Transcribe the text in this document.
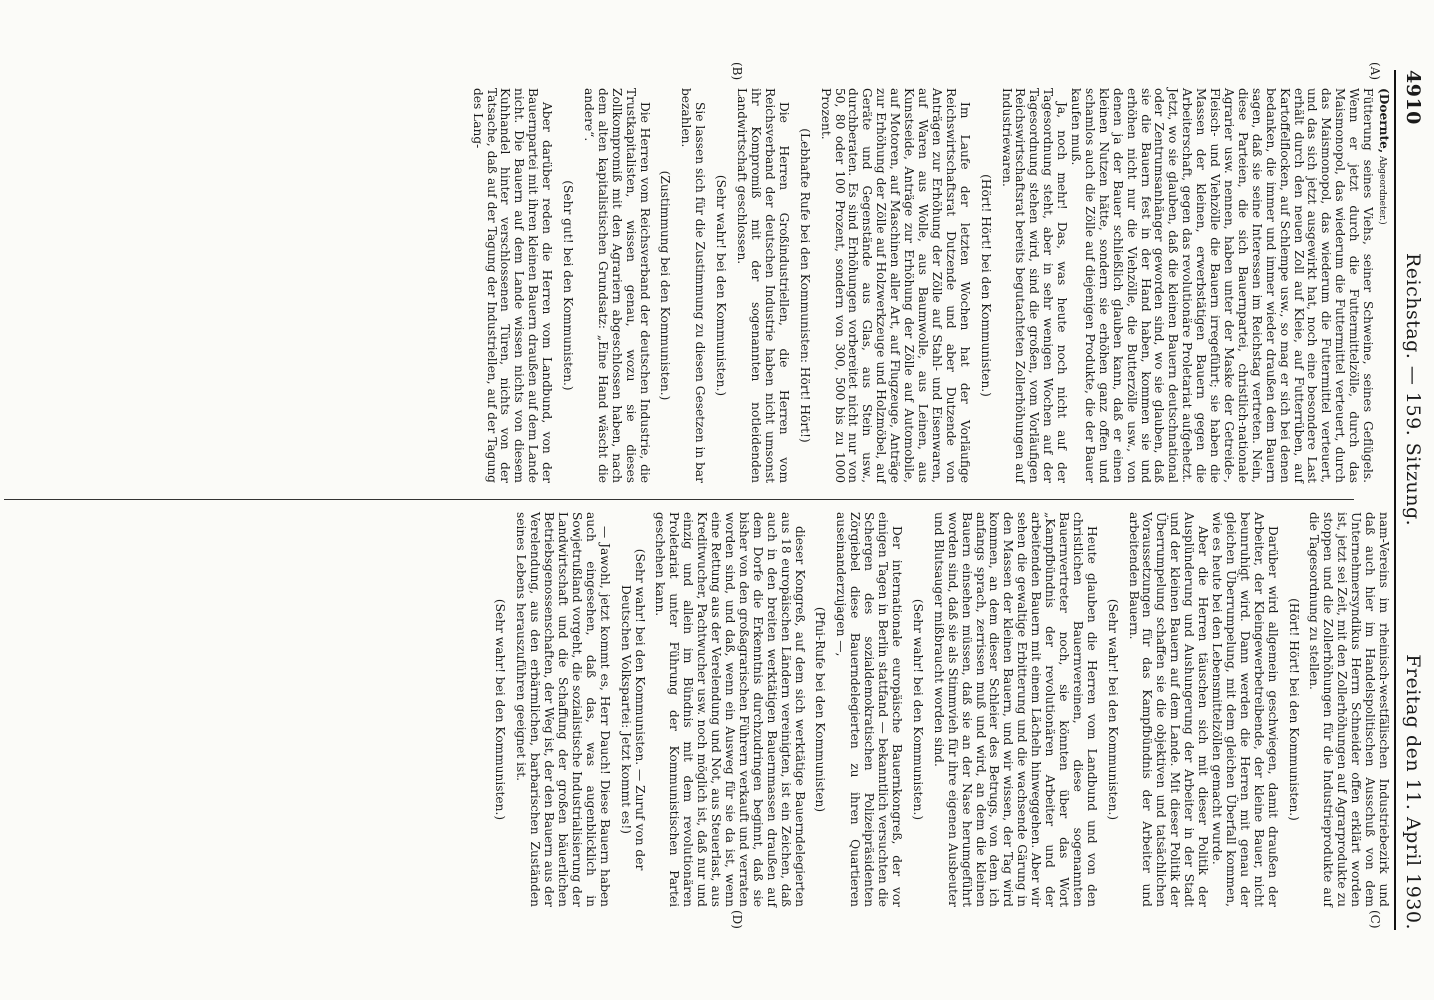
4910
Reichstag. — 159. Sitzung.
Freitag den 11. April 1930.
(A)
(B)
(C)
(D)

(Doernte, Abgeordneter.)

Fütterung seines Viehs, seiner Schweine, seines Geflügels. Wenn er jetzt durch die Futtermittelzölle, durch das Maismonopol, das wiederum die Futtermittel verteuert, durch das Maismonopol, das wiederum die Futtermittel verteuert, und das sich jetzt ausgewirkt hat, noch eine besondere Last erhält durch den neuen Zoll auf Kleie, auf Futterrüben, auf Kartoffelflocken, auf Schlempe usw., so mag er sich bei denen bedanken, die immer und immer wieder draußen dem Bauern sagen, daß sie seine Interessen im Reichstag vertreten. Nein, diese Parteien, die sich Bauernpartei, christlich-nationale Agrarier usw. nennen, haben unter der Maske der Getreide-, Fleisch- und Viehzölle die Bauern irregeführt; sie haben die Massen der kleinen, erwerbstätigen Bauern gegen die Arbeiterschaft, gegen das revolutionäre Proletariat aufgehetzt. Jetzt, wo sie glauben, daß die kleinen Bauern deutschnational oder Zentrumsanhänger geworden sind, wo sie glauben, daß sie die Bauern fest in der Hand haben, kommen sie und erhöhen nicht nur die Viehzölle, die Butterzölle usw., von denen ja der Bauer schließlich glauben kann, daß er einen kleinen Nutzen hätte, sondern sie erhöhen ganz offen und schamlos auch die Zölle auf diejenigen Produkte, die der Bauer kaufen muß.

Ja, noch mehr! Das, was heute noch nicht auf der Tagesordnung steht, aber in sehr wenigen Wochen auf der Tagesordnung stehen wird, sind die großen, vom Vorläufigen Reichswirtschaftsrat bereits begutachteten Zollerhöhungen auf Industriewaren.

(Hört! Hört! bei den Kommunisten.)

Im Laufe der letzten Wochen hat der Vorläufige Reichswirtschaftsrat Dutzende und aber Dutzende von Anträgen zur Erhöhung der Zölle auf Stahl- und Eisenwaren, auf Waren aus Wolle, aus Baumwolle, aus Leinen, aus Kunstseide, Anträge zur Erhöhung der Zölle auf Automobile, auf Motoren, auf Maschinen aller Art, auf Flugzeuge, Anträge zur Erhöhung der Zölle auf Holzwerkzeuge und Holzmöbel, auf Geräte und Gegenstände aus Glas, aus Stein usw., durchberaten. Es sind Erhöhungen vorbereitet nicht nur von 50, 80 oder 100 Prozent, sondern von 300, 500 bis zu 1000 Prozent.

(Lebhafte Rufe bei den Kommunisten: Hört! Hört!)

Die Herren Großindustriellen, die Herren vom Reichsverband der deutschen Industrie haben nicht umsonst ihr Kompromiß mit der sogenannten notleidenden Landwirtschaft geschlossen.

(Sehr wahr! bei den Kommunisten.)

Sie lassen sich für die Zustimmung zu diesen Gesetzen in bar bezahlen.

(Zustimmung bei den Kommunisten.)

Die Herren vom Reichsverband der deutschen Industrie, die Trustkapitalisten, wissen genau, wozu sie dieses Zollkompromiß mit den Agrariern abgeschlossen haben, nach dem alten kapitalistischen Grundsatz: „Eine Hand wäscht die andere“.

(Sehr gut! bei den Kommunisten.)

Aber darüber reden die Herren vom Landbund, von der Bauernpartei mit ihren kleinen Bauern draußen auf dem Lande nicht. Die Bauern auf dem Lande wissen nichts von diesem Kuhhandel hinter verschlossenen Türen, nichts von der Tatsache, daß auf der Tagung der Industriellen, auf der Tagung des Lang-

nam-Vereins im rheinisch-westfälischen Industriebezirk und daß auch hier im Handelspolitischen Ausschuß von dem Unternehmersyndikus Herrn Schneider offen erklärt worden ist, jetzt sei Zeit, mit den Zollerhöhungen auf Agrarprodukte zu stoppen und die Zollerhöhungen für die Industrieprodukte auf die Tagesordnung zu stellen.

(Hört! Hört! bei den Kommunisten.)

Darüber wird allgemein geschwiegen, damit draußen der Arbeiter, der Kleingewerbetreibende, der kleine Bauer, nicht beunruhigt wird. Dann werden die Herren mit genau der gleichen Überrumpelung, mit dem gleichen Überfall kommen, wie es heute bei den Lebensmittelzöllen gemacht wurde.

Aber die Herren täuschen sich mit dieser Politik der Ausplünderung und Aushungerung der Arbeiter in der Stadt und der kleinen Bauern auf dem Lande. Mit dieser Politik der Überrumpelung schaffen sie die objektiven und tatsächlichen Voraussetzungen für das Kampfbündnis der Arbeiter und arbeitenden Bauern.

(Sehr wahr! bei den Kommunisten.)

Heute glauben die Herren vom Landbund und von den christlichen Bauernvereinen, diese sogenannten Bauernvertreter noch, sie könnten über das Wort „Kampfbündnis der revolutionären Arbeiter und der arbeitenden Bauern mit einem Lächeln hinweggehen. Aber wir sehen die gewaltige Erbitterung und die wachsende Gärung in den Massen der kleinen Bauern, und wir wissen, der Tag wird kommen, an dem dieser Schleier des Betrugs, von dem ich anfangs sprach, zerrissen muß und wird, an dem die kleinen Bauern einsehen müssen, daß sie an der Nase herumgeführt worden sind, daß sie als Stimmvieh für ihre eigenen Ausbeuter und Blutsauger mißbraucht worden sind.

(Sehr wahr! bei den Kommunisten.)

Der internationale europäische Bauernkongreß, der vor einigen Tagen in Berlin stattfand — bekanntlich versuchten die Schergen des sozialdemokratischen Polizeipräsidenten Zörgiebel diese Bauerndelegierten zu ihren Quartieren auseinanderzujagen —,

(Pfui-Rufe bei den Kommunisten)

dieser Kongreß, auf dem sich werktätige Bauerndelegierten aus 18 europäischen Ländern vereinigten, ist ein Zeichen, daß auch in den breiten werktätigen Bauernmassen draußen auf dem Dorfe die Erkenntnis durchzudringen beginnt, daß sie bisher von den großagrarischen Führern verkauft und verraten worden sind, und daß, wenn ein Ausweg für sie da ist, wenn eine Rettung aus der Verelendung und Not, aus Steuerlast, aus Kreditwucher, Pachtwucher usw. noch möglich ist, daß nur und einzig und allein im Bündnis mit dem revolutionären Proletariat unter Führung der Kommunistischen Partei geschehen kann.

(Sehr wahr! bei den Kommunisten. — Zuruf von der Deutschen Volkspartei: Jetzt kommt es!)

— Jawohl, jetzt kommt es, Herr Dauch! Diese Bauern haben auch eingesehen, daß das, was augenblicklich in Sowjetrußland vorgeht, die sozialistische Industrialisierung der Landwirtschaft und die Schaffung der großen bäuerlichen Betriebsgenossenschaften, der Weg ist, der den Bauern aus der Verelendung, aus den erbärmlichen, barbarischen Zuständen seines Lebens herauszuführen geeignet ist.

(Sehr wahr! bei den Kommunisten.)
